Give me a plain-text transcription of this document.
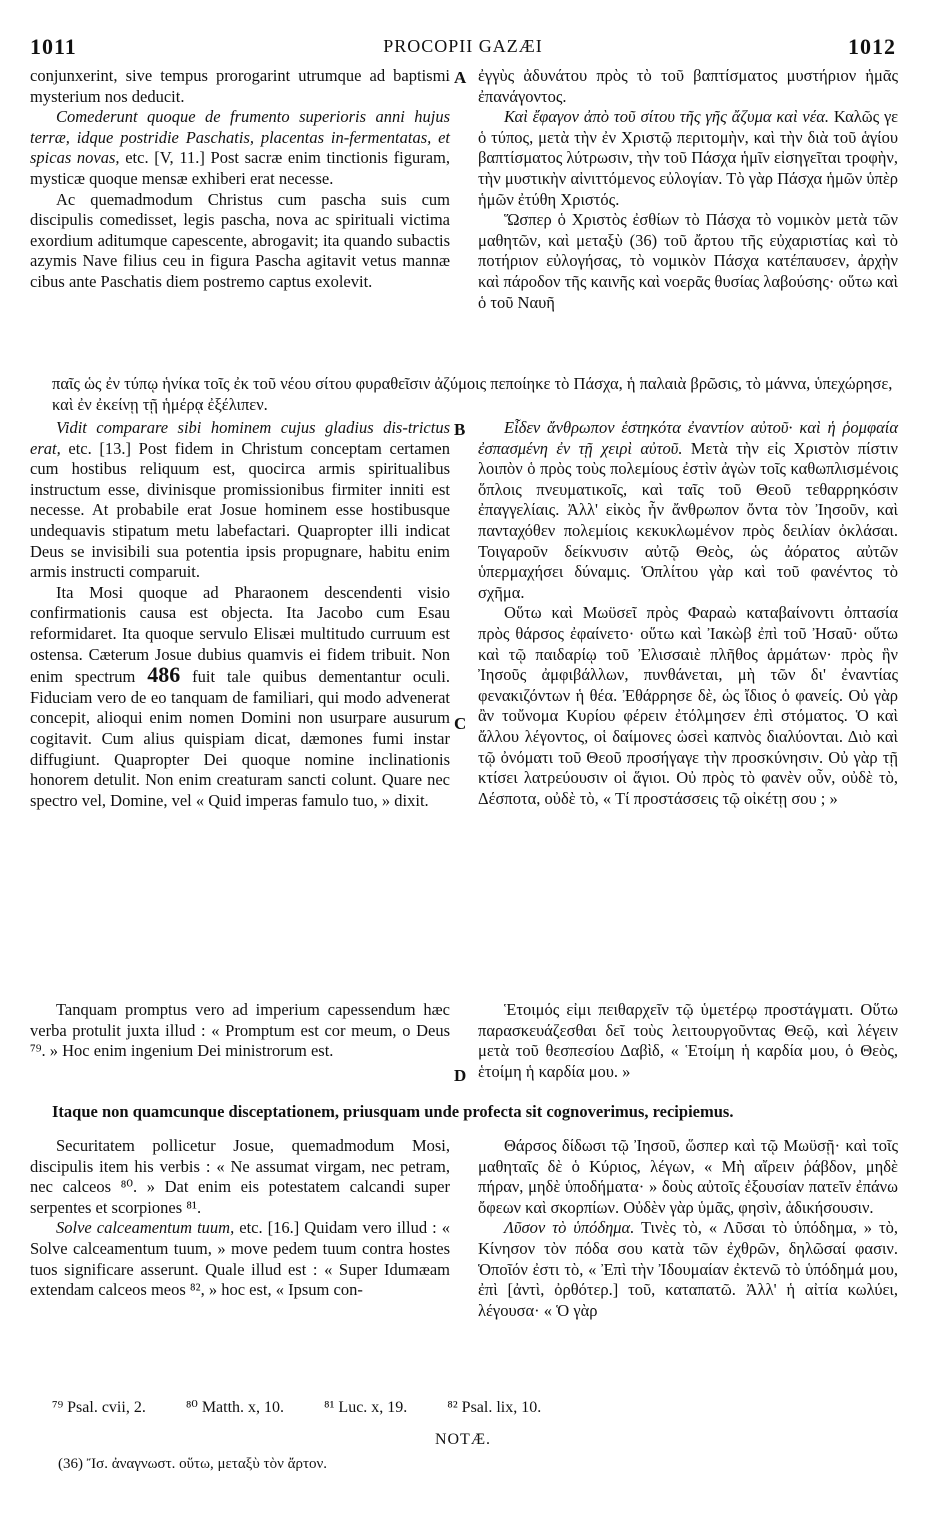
1011	PROCOPII GAZÆI	1012

conjunxerint, sive tempus prorogarint utrumque ad baptismi mysterium nos deducit.

Comederunt quoque de frumento superioris anni hujus terræ, idque postridie Paschatis, placentas in-fermentatas, et spicas novas, etc. [V, 11.] Post sacræ enim tinctionis figuram, mysticæ quoque mensæ exhiberi erat necesse.

Ac quemadmodum Christus cum pascha suis cum discipulis comedisset, legis pascha, nova ac spirituali victima exordium aditumque capescente, abrogavit; ita quando subactis azymis Nave filius ceu in figura Pascha agitavit vetus mannæ cibus ante Paschatis diem postremo captus exolevit.

A ἐγγὺς ἀδυνάτου πρὸς τὸ τοῦ βαπτίσματος μυστήριον ἡμᾶς ἐπανάγοντος.

Καὶ ἔφαγον ἀπὸ τοῦ σίτου τῆς γῆς ἄζυμα καὶ νέα. Καλῶς γε ὁ τύπος, μετὰ τὴν ἐν Χριστῷ περιτομὴν, καὶ τὴν διὰ τοῦ ἁγίου βαπτίσματος λύτρωσιν, τὴν τοῦ Πάσχα ἡμῖν εἰσηγεῖται τροφὴν, τὴν μυστικὴν αἰνιττόμενος εὐλογίαν. Τὸ γὰρ Πάσχα ἡμῶν ὑπὲρ ἡμῶν ἐτύθη Χριστός.

Ὥσπερ ὁ Χριστὸς ἐσθίων τὸ Πάσχα τὸ νομικὸν μετὰ τῶν μαθητῶν, καὶ μεταξὺ (36) τοῦ ἄρτου τῆς εὐχαριστίας καὶ τὸ ποτήριον εὐλογήσας, τὸ νομικὸν Πάσχα κατέπαυσεν, ἀρχὴν καὶ πάροδον τῆς καινῆς καὶ νοερᾶς θυσίας λαβούσης· οὕτω καὶ ὁ τοῦ Ναυῆ

παῖς ὡς ἐν τύπῳ ἡνίκα τοῖς ἐκ τοῦ νέου σίτου φυραθεῖσιν ἀζύμοις πεποίηκε τὸ Πάσχα, ἡ παλαιὰ βρῶσις, τὸ μάννα, ὑπεχώρησε, καὶ ἐν ἐκείνῃ τῇ ἡμέρᾳ ἐξέλιπεν.

Vidit comparare sibi hominem cujus gladius dis-trictus erat, etc. [13.] Post fidem in Christum conceptam certamen cum hostibus reliquum est, quocirca armis spiritualibus instructum esse, divinisque promissionibus firmiter inniti est necesse. At probabile erat Josue hominem esse hostibusque undequavis stipatum metu labefactari. Quapropter illi indicat Deus se invisibili sua potentia ipsis propugnare, habitu enim armis instructi comparuit.

Ita Mosi quoque ad Pharaonem descendenti visio confirmationis causa est objecta. Ita Jacobo cum Esau reformidaret. Ita quoque servulo Elisæi multitudo curruum est ostensa. Cæterum Josue dubius quamvis ei fidem tribuit. Non enim spectrum 486 fuit tale quibus dementantur oculi. Fiduciam vero de eo tanquam de familiari, qui modo advenerat concepit, alioqui enim nomen Domini non usurpare ausurum cogitavit. Cum alius quispiam dicat, dæmones fumi instar diffugiunt. Quapropter Dei quoque nomine inclinationis honorem detulit. Non enim creaturam sancti colunt. Quare nec spectro vel, Domine, vel « Quid imperas famulo tuo, » dixit.

B
C

Εἶδεν ἄνθρωπον ἑστηκότα ἐναντίον αὐτοῦ· καὶ ἡ ῥομφαία ἐσπασμένη ἐν τῇ χειρὶ αὐτοῦ. Μετὰ τὴν εἰς Χριστὸν πίστιν λοιπὸν ὁ πρὸς τοὺς πολεμίους ἐστὶν ἀγὼν τοῖς καθωπλισμένοις ὅπλοις πνευματικοῖς, καὶ ταῖς τοῦ Θεοῦ τεθαρρηκόσιν ἐπαγγελίαις. Ἀλλ' εἰκὸς ἦν ἄνθρωπον ὄντα τὸν Ἰησοῦν, καὶ πανταχόθεν πολεμίοις κεκυκλωμένον πρὸς δειλίαν ὀκλάσαι. Τοιγαροῦν δείκνυσιν αὐτῷ Θεὸς, ὡς ἀόρατος αὐτῶν ὑπερμαχήσει δύναμις. Ὁπλίτου γὰρ καὶ τοῦ φανέντος τὸ σχῆμα.

Οὕτω καὶ Μωϋσεῖ πρὸς Φαραὼ καταβαίνοντι ὀπτασία πρὸς θάρσος ἐφαίνετο· οὕτω καὶ Ἰακὼβ ἐπὶ τοῦ Ἠσαῦ· οὕτω καὶ τῷ παιδαρίῳ τοῦ Ἐλισσαιὲ πλῆθος ἁρμάτων· πρὸς ἣν Ἰησοῦς ἀμφιβάλλων, πυνθάνεται, μὴ τῶν δι' ἐναντίας φενακιζόντων ἡ θέα. Ἐθάρρησε δὲ, ὡς ἴδιος ὁ φανείς. Οὐ γὰρ ἂν τοὔνομα Κυρίου φέρειν ἐτόλμησεν ἐπὶ στόματος. Ὁ καὶ ἄλλου λέγοντος, οἱ δαίμονες ὡσεὶ καπνὸς διαλύονται. Διὸ καὶ τῷ ὀνόματι τοῦ Θεοῦ προσήγαγε τὴν προσκύνησιν. Οὐ γὰρ τῇ κτίσει λατρεύουσιν οἱ ἅγιοι. Οὐ πρὸς τὸ φανὲν οὖν, οὐδὲ τὸ, Δέσποτα, οὐδὲ τὸ, « Τί προστάσσεις τῷ οἰκέτῃ σου ; »

Tanquam promptus vero ad imperium capessendum hæc verba protulit juxta illud : « Promptum est cor meum, o Deus ⁷⁹. » Hoc enim ingenium Dei ministrorum est.

D

Ἑτοιμός εἰμι πειθαρχεῖν τῷ ὑμετέρῳ προστάγματι. Οὕτω παρασκευάζεσθαι δεῖ τοὺς λειτουργοῦντας Θεῷ, καὶ λέγειν μετὰ τοῦ θεσπεσίου Δαβὶδ, « Ἑτοίμη ἡ καρδία μου, ὁ Θεὸς, ἑτοίμη ἡ καρδία μου. »

Itaque non quamcunque disceptationem, priusquam unde profecta sit cognoverimus, recipiemus.

Securitatem pollicetur Josue, quemadmodum Mosi, discipulis item his verbis : « Ne assumat virgam, nec petram, nec calceos ⁸⁰. » Dat enim eis potestatem calcandi super serpentes et scorpiones ⁸¹.

Solve calceamentum tuum, etc. [16.] Quidam vero illud : « Solve calceamentum tuum, » move pedem tuum contra hostes tuos significare asserunt. Quale illud est : « Super Idumæam extendam calceos meos ⁸², » hoc est, « Ipsum con-

Θάρσος δίδωσι τῷ Ἰησοῦ, ὥσπερ καὶ τῷ Μωϋσῇ· καὶ τοῖς μαθηταῖς δὲ ὁ Κύριος, λέγων, « Μὴ αἴρειν ῥάβδον, μηδὲ πήραν, μηδὲ ὑποδήματα· » δοὺς αὐτοῖς ἐξουσίαν πατεῖν ἐπάνω ὄφεων καὶ σκορπίων. Οὐδὲν γὰρ ὑμᾶς, φησὶν, ἀδικήσουσιν.

Λῦσον τὸ ὑπόδημα. Τινὲς τὸ, « Λῦσαι τὸ ὑπόδημα, » τὸ, Κίνησον τὸν πόδα σου κατὰ τῶν ἐχθρῶν, δηλῶσαί φασιν. Ὁποῖόν ἐστι τὸ, « Ἐπὶ τὴν Ἰδουμαίαν ἐκτενῶ τὸ ὑπόδημά μου, ἐπὶ [ἀντὶ, ὀρθότερ.] τοῦ, καταπατῶ. Ἀλλ' ἡ αἰτία κωλύει, λέγουσα· « Ὁ γὰρ

⁷⁹ Psal. cvii, 2.	⁸⁰ Matth. x, 10.	⁸¹ Luc. x, 19.	⁸² Psal. lix, 10.
NOTÆ.
(36) Ἴσ. ἀναγνωστ. οὕτω, μεταξὺ τὸν ἄρτον.
